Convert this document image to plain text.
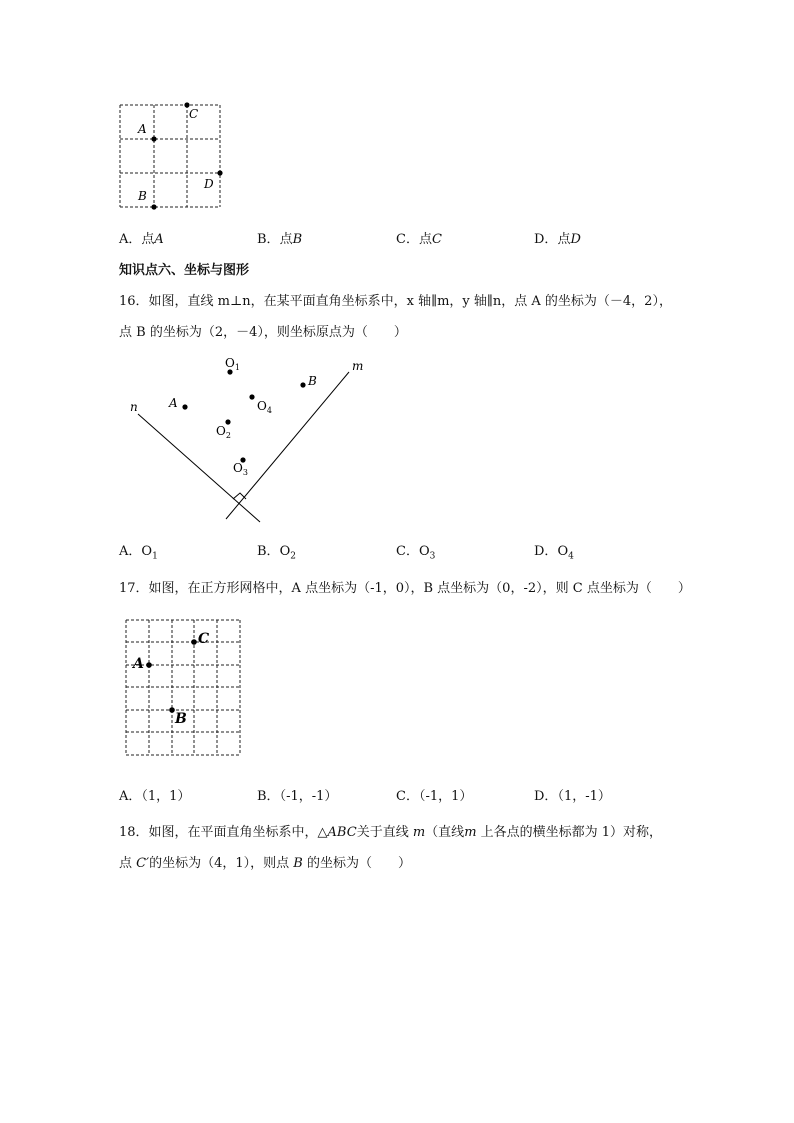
A
B
C
D
A．点A	B．点B	C．点C	D．点D
知识点六、坐标与图形
16．如图，直线 m⊥n，在某平面直角坐标系中，x 轴∥m，y 轴∥n，点 A 的坐标为（－4，2），
点 B 的坐标为（2，－4），则坐标原点为（　　）
m
n	A
B
$O_1$
$O_2$
$O_3$
$O_4$
A．$O_1$	B．$O_2$	C．$O_3$	D．$O_4$
17．如图，在正方形网格中，A 点坐标为（-1，0），B 点坐标为（0，-2），则 C 点坐标为（　　）
A
B
C
A．（1，1）	B．（-1，-1）	C．（-1，1）	D．（1，-1）
18．如图，在平面直角坐标系中，△ABC关于直线 m（直线m 上各点的横坐标都为 1）对称，
点 C′的坐标为（4，1），则点 B 的坐标为（　　）
